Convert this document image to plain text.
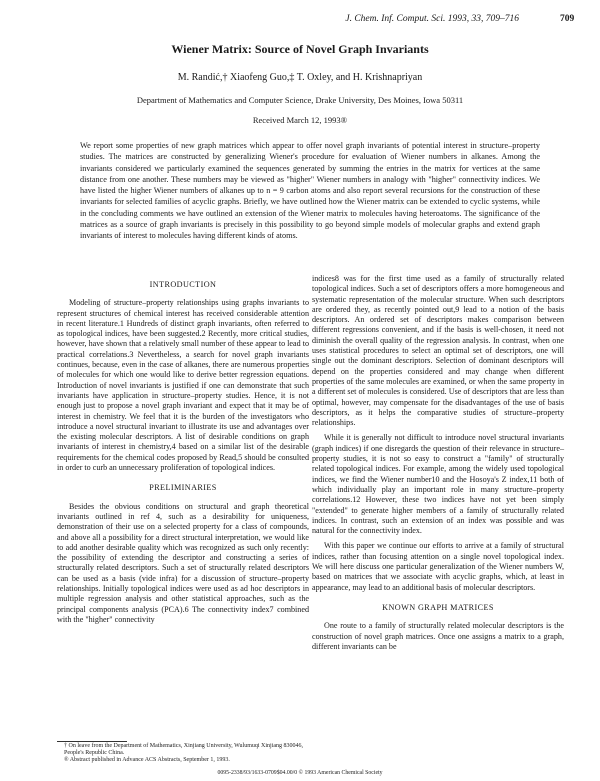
J. Chem. Inf. Comput. Sci. 1993, 33, 709–716	709
Wiener Matrix: Source of Novel Graph Invariants
M. Randić,† Xiaofeng Guo,‡ T. Oxley, and H. Krishnapriyan
Department of Mathematics and Computer Science, Drake University, Des Moines, Iowa 50311
Received March 12, 1993®
We report some properties of new graph matrices which appear to offer novel graph invariants of potential interest in structure–property studies. The matrices are constructed by generalizing Wiener's procedure for evaluation of Wiener numbers in alkanes. Among the invariants considered we particularly examined the sequences generated by summing the entries in the matrix for vertices at the same distance from one another. These numbers may be viewed as "higher" Wiener numbers in analogy with "higher" connectivity indices. We have listed the higher Wiener numbers of alkanes up to n = 9 carbon atoms and also report several recursions for the construction of these invariants for selected families of acyclic graphs. Briefly, we have outlined how the Wiener matrix can be extended to cyclic systems, while in the concluding comments we have outlined an extension of the Wiener matrix to molecules having heteroatoms. The significance of the matrices as a source of graph invariants is precisely in this possibility to go beyond simple models of molecular graphs and extend graph invariants of interest to molecules having different kinds of atoms.
INTRODUCTION

Modeling of structure–property relationships using graphs invariants to represent structures of chemical interest has received considerable attention in recent literature.1 Hundreds of distinct graph invariants, often referred to as topological indices, have been suggested.2 Recently, more critical studies, however, have shown that a relatively small number of these appear to lead to practical correlations.3 Nevertheless, a search for novel graph invariants continues, because, even in the case of alkanes, there are numerous properties of molecules for which one would like to derive better regression equations. Introduction of novel invariants is justified if one can demonstrate that such invariants have application in structure–property studies. Hence, it is not enough just to propose a novel graph invariant and expect that it may be of interest in chemistry. We feel that it is the burden of the investigators who introduce a novel structural invariant to illustrate its use and advantages over the existing molecular descriptors. A list of desirable conditions on graph invariants of interest in chemistry,4 based on a similar list of the desirable requirements for the chemical codes proposed by Read,5 should be consulted in order to curb an unnecessary proliferation of topological indices.

PRELIMINARIES

Besides the obvious conditions on structural and graph theoretical invariants outlined in ref 4, such as a desirability for uniqueness, demonstration of their use on a selected property for a class of compounds, and above all a possibility for a direct structural interpretation, we would like to add another desirable quality which was recognized as such only recently: the possibility of extending the descriptor and constructing a series of structurally related descriptors. Such a set of structurally related descriptors can be used as a basis (vide infra) for a discussion of structure–property relationships. Initially topological indices were used as ad hoc descriptors in multiple regression analysis and other statistical approaches, such as the principal components analysis (PCA).6 The connectivity index7 combined with the "higher" connectivity

† On leave from the Department of Mathematics, Xinjiang University, Wulumuqi Xinjiang 830046, People's Republic China.
® Abstract published in Advance ACS Abstracts, September 1, 1993.

indices8 was for the first time used as a family of structurally related topological indices. Such a set of descriptors offers a more homogeneous and systematic representation of the molecular structure. When such descriptors are ordered they, as recently pointed out,9 lead to a notion of the basis descriptors. An ordered set of descriptors makes comparison between different regressions convenient, and if the basis is well-chosen, it need not diminish the overall quality of the regression analysis. In contrast, when one uses statistical procedures to select an optimal set of descriptors, one will single out the dominant descriptors. Selection of dominant descriptors will depend on the properties considered and may change when different properties of the same molecules are examined, or when the same property in a different set of molecules is considered. Use of descriptors that are less than optimal, however, may compensate for the disadvantages of the use of basis descriptors, as it helps the comparative studies of structure–property relationships.

While it is generally not difficult to introduce novel structural invariants (graph indices) if one disregards the question of their relevance in structure–property studies, it is not so easy to construct a "family" of structurally related topological indices. For example, among the widely used topological indices, we find the Wiener number10 and the Hosoya's Z index,11 both of which individually play an important role in many structure–property correlations.12 However, these two indices have not yet been simply "extended" to generate higher members of a family of structurally related indices. In contrast, such an extension of an index was possible and was natural for the connectivity index.

With this paper we continue our efforts to arrive at a family of structural indices, rather than focusing attention on a single novel topological index. We will here discuss one particular generalization of the Wiener numbers W, based on matrices that we associate with acyclic graphs, which, at least in appearance, may lead to an additional basis of molecular descriptors.

KNOWN GRAPH MATRICES

One route to a family of structurally related molecular descriptors is the construction of novel graph matrices. Once one assigns a matrix to a graph, different invariants can be

0095-2338/93/1633-0709$04.00/0 © 1993 American Chemical Society
